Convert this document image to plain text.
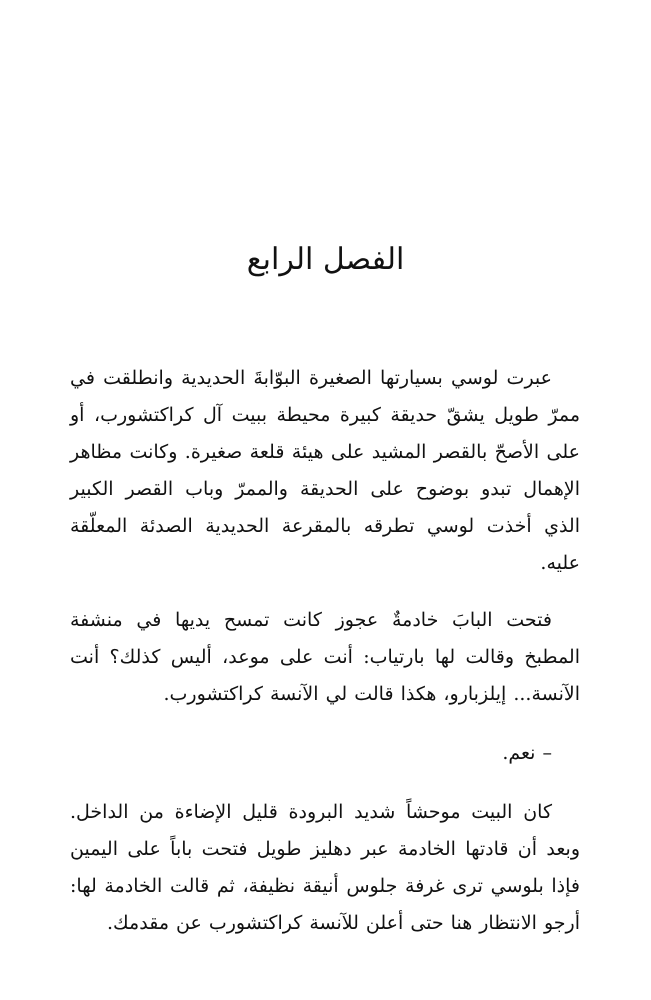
الفصل الرابع

عبرت لوسي بسيارتها الصغيرة البوّابةَ الحديدية وانطلقت في ممرّ طويل يشقّ حديقة كبيرة محيطة ببيت آل كراكتشورب، أو على الأصحّ بالقصر المشيد على هيئة قلعة صغيرة. وكانت مظاهر الإهمال تبدو بوضوح على الحديقة والممرّ وباب القصر الكبير الذي أخذت لوسي تطرقه بالمقرعة الحديدية الصدئة المعلّقة عليه.

فتحت البابَ خادمةٌ عجوز كانت تمسح يديها في منشفة المطبخ وقالت لها بارتياب: أنت على موعد، أليس كذلك؟ أنت الآنسة... إيلزبارو، هكذا قالت لي الآنسة كراكتشورب.

– نعم.

كان البيت موحشاً شديد البرودة قليل الإضاءة من الداخل. وبعد أن قادتها الخادمة عبر دهليز طويل فتحت باباً على اليمين فإذا بلوسي ترى غرفة جلوس أنيقة نظيفة، ثم قالت الخادمة لها: أرجو الانتظار هنا حتى أعلن للآنسة كراكتشورب عن مقدمك.
